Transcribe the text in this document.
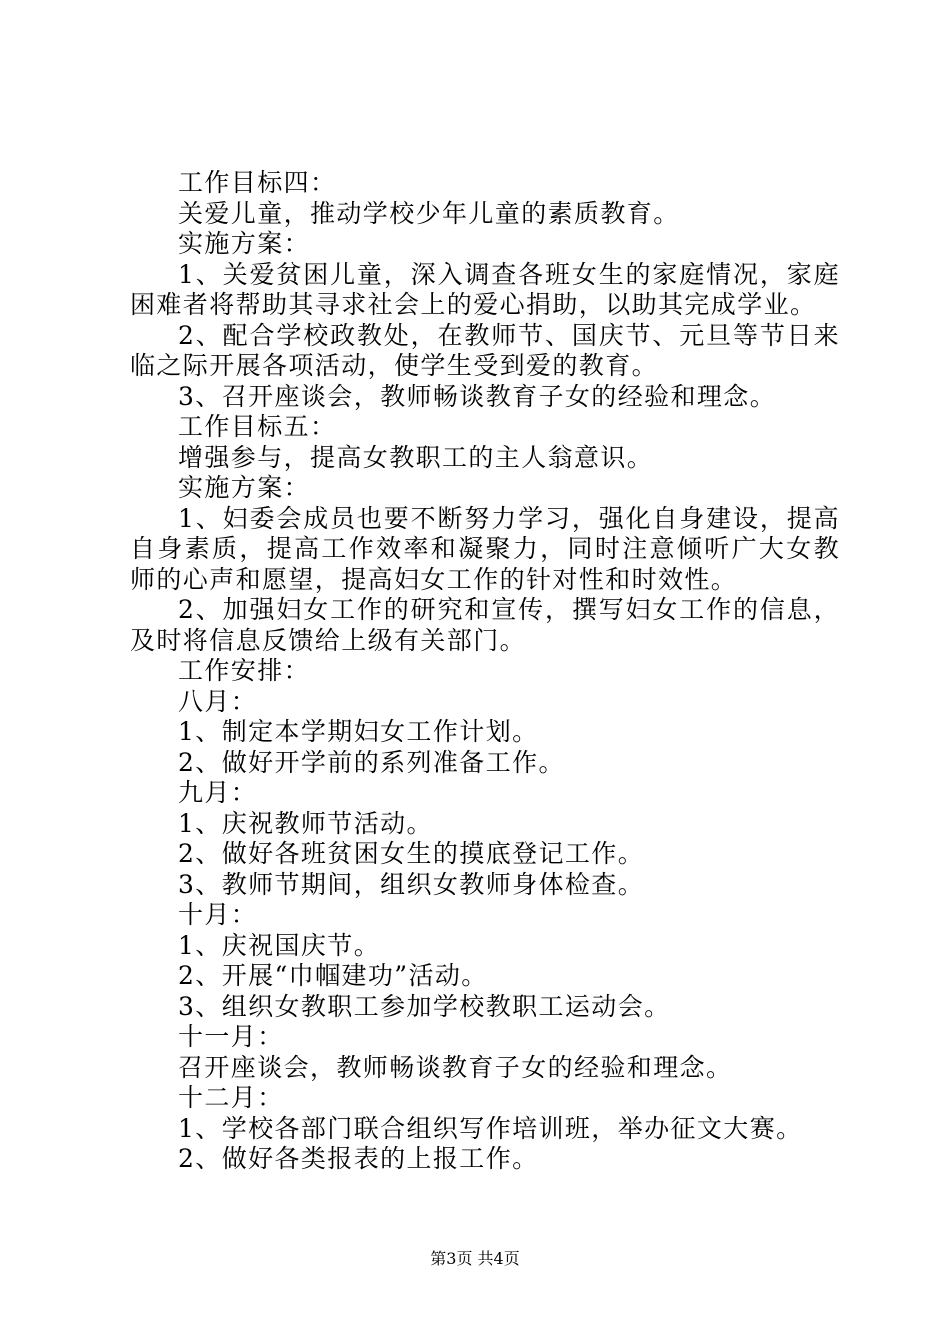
工作目标四：

关爱儿童，推动学校少年儿童的素质教育。

实施方案：

1、关爱贫困儿童，深入调查各班女生的家庭情况，家庭困难者将帮助其寻求社会上的爱心捐助，以助其完成学业。

2、配合学校政教处，在教师节、国庆节、元旦等节日来临之际开展各项活动，使学生受到爱的教育。

3、召开座谈会，教师畅谈教育子女的经验和理念。

工作目标五：

增强参与，提高女教职工的主人翁意识。

实施方案：

1、妇委会成员也要不断努力学习，强化自身建设，提高自身素质，提高工作效率和凝聚力，同时注意倾听广大女教师的心声和愿望，提高妇女工作的针对性和时效性。

2、加强妇女工作的研究和宣传，撰写妇女工作的信息，及时将信息反馈给上级有关部门。

工作安排：

八月：

1、制定本学期妇女工作计划。

2、做好开学前的系列准备工作。

九月：

1、庆祝教师节活动。

2、做好各班贫困女生的摸底登记工作。

3、教师节期间，组织女教师身体检查。

十月：

1、庆祝国庆节。

2、开展“巾帼建功”活动。

3、组织女教职工参加学校教职工运动会。

十一月：

召开座谈会，教师畅谈教育子女的经验和理念。

十二月：

1、学校各部门联合组织写作培训班，举办征文大赛。

2、做好各类报表的上报工作。

第3页 共4页
